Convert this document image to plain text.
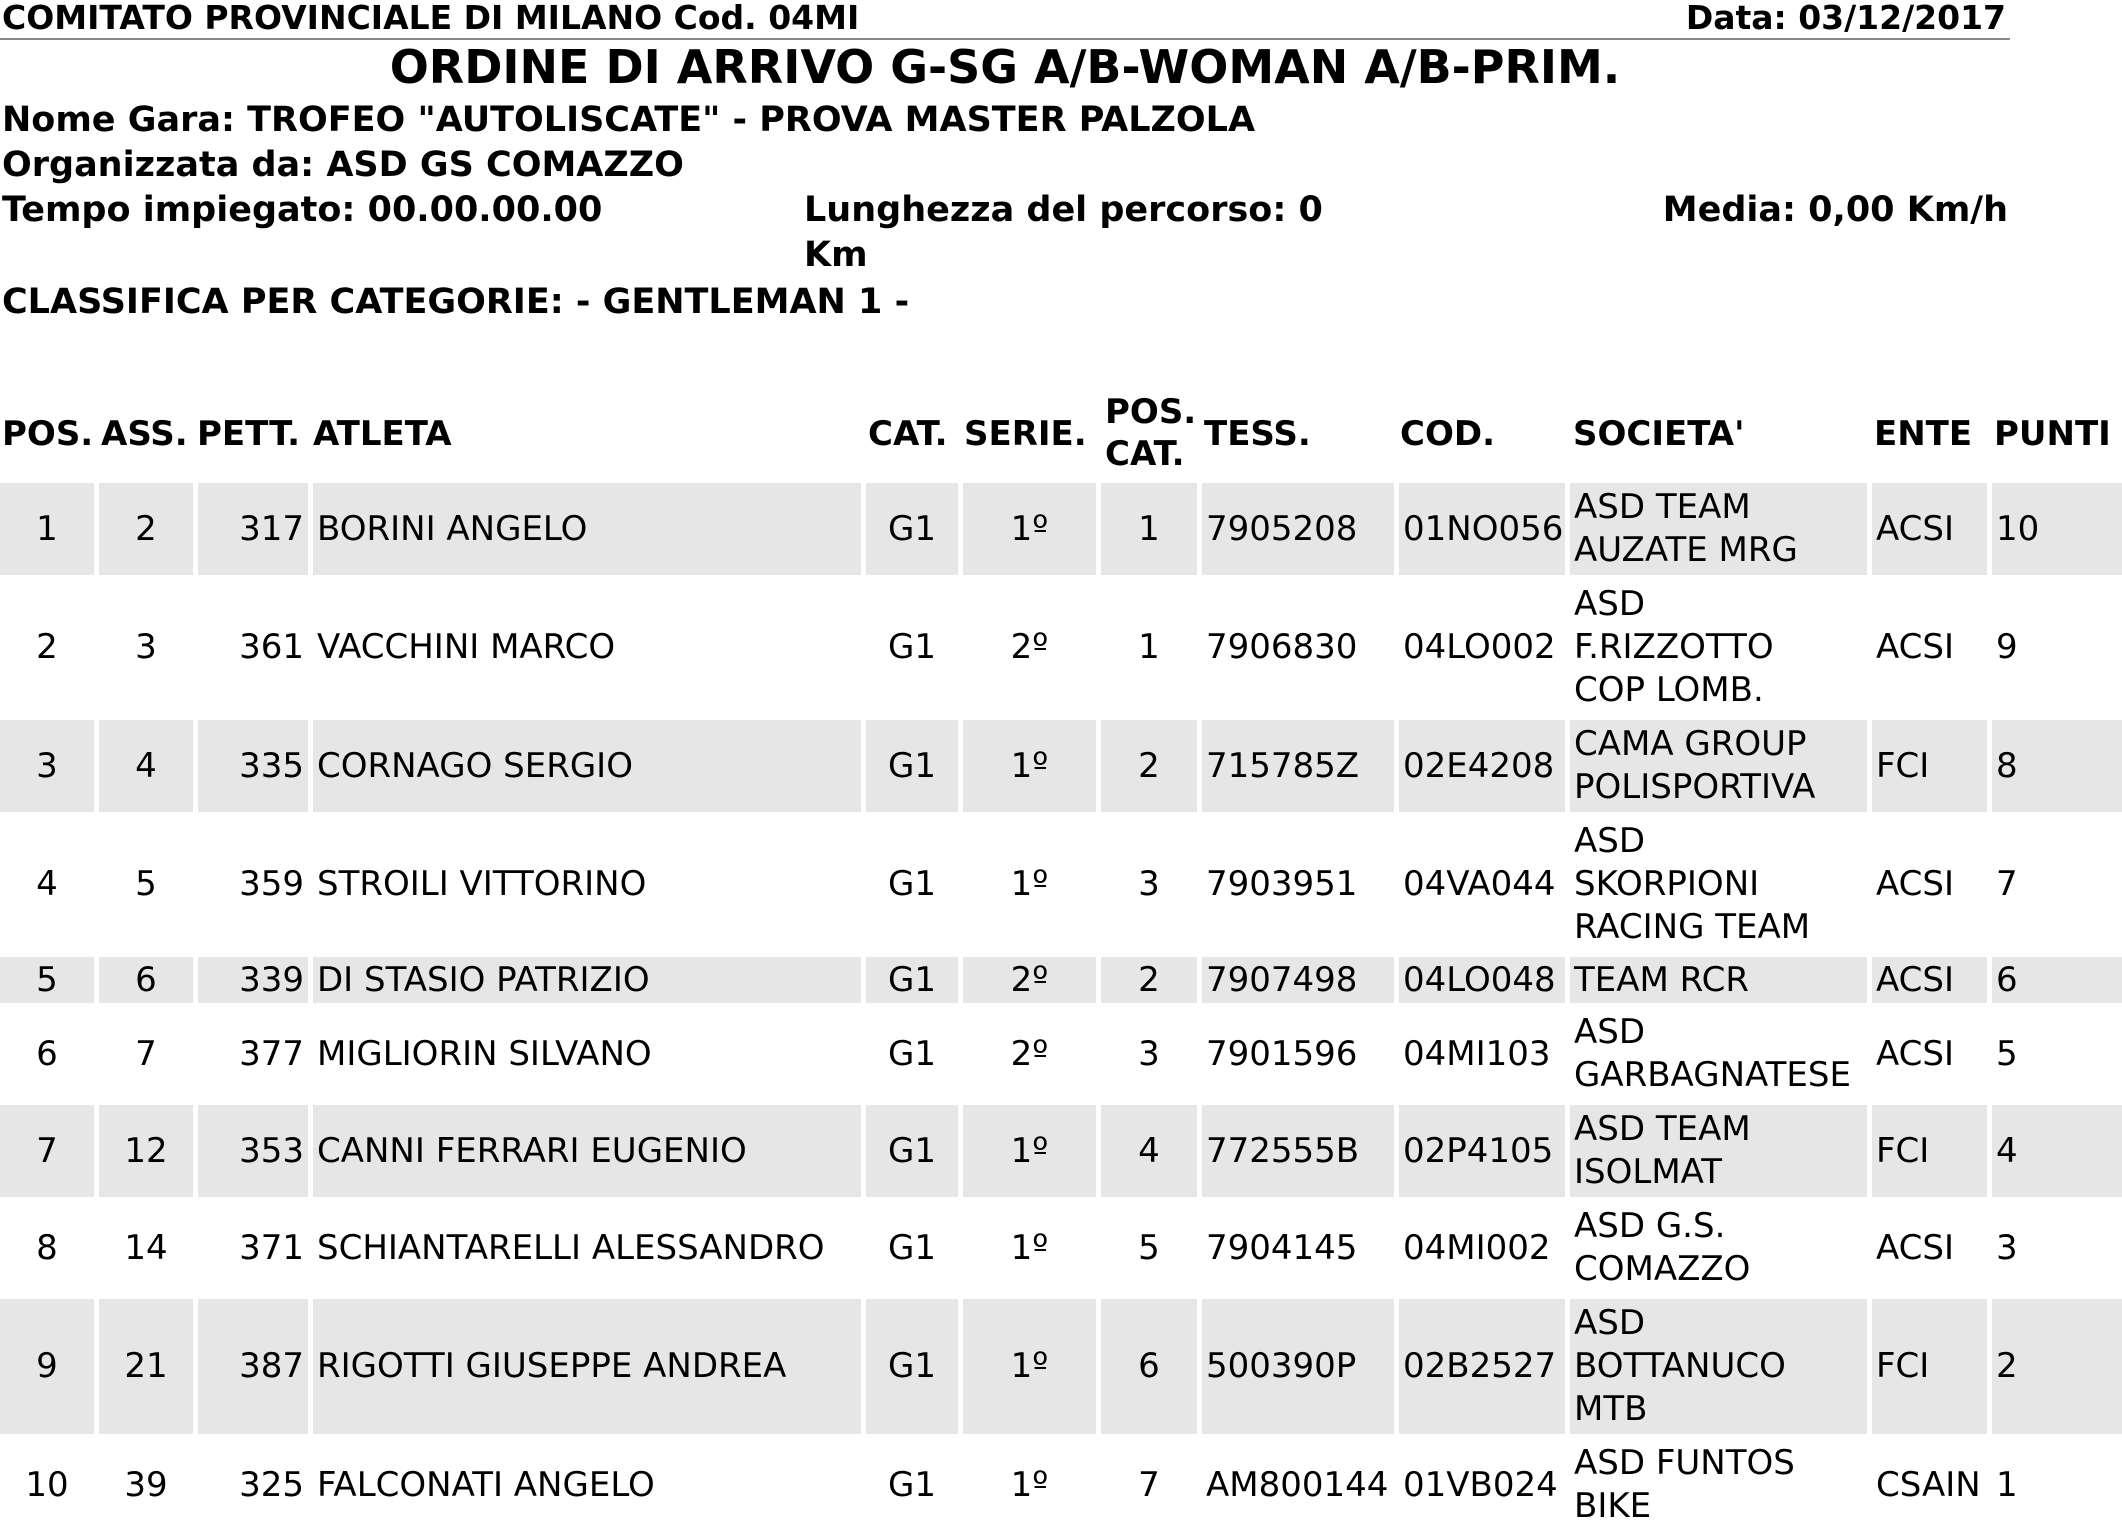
COMITATO PROVINCIALE DI MILANO Cod. 04MI	Data: 03/12/2017
ORDINE DI ARRIVO G-SG A/B-WOMAN A/B-PRIM.
Nome Gara: TROFEO "AUTOLISCATE" - PROVA MASTER PALZOLA
Organizzata da: ASD GS COMAZZO
Tempo impiegato: 00.00.00.00	Lunghezza del percorso: 0
Km
Media: 0,00 Km/h
CLASSIFICA PER CATEGORIE: - GENTLEMAN 1 -
POS. ASS. PETT. ATLETA	CAT. SERIE.
POS.
CAT. TESS.	COD. SOCIETA'	ENTE PUNTI
1	2	317 BORINI ANGELO	G1	1º	1	7905208	01NO056
ASD TEAM
AUZATE MRG
ACSI	10
2	3	361 VACCHINI MARCO	G1	2º	1	7906830	04LO002
ASD
F.RIZZOTTO
COP LOMB.
ACSI	9
3	4	335 CORNAGO SERGIO	G1	1º	2	715785Z	02E4208
CAMA GROUP
POLISPORTIVA
FCI	8
4	5	359 STROILI VITTORINO	G1	1º	3	7903951	04VA044
ASD
SKORPIONI
RACING TEAM
ACSI	7
5	6	339 DI STASIO PATRIZIO	G1	2º	2	7907498	04LO048 TEAM RCR	ACSI	6
6	7	377 MIGLIORIN SILVANO	G1	2º	3	7901596	04MI103
ASD
GARBAGNATESE
ACSI	5
7	12	353 CANNI FERRARI EUGENIO	G1	1º	4	772555B	02P4105
ASD TEAM
ISOLMAT
FCI	4
8	14	371 SCHIANTARELLI ALESSANDRO	G1	1º	5	7904145	04MI002
ASD G.S.
COMAZZO
ACSI	3
9	21	387 RIGOTTI GIUSEPPE ANDREA	G1	1º	6	500390P	02B2527
ASD
BOTTANUCO
MTB
FCI	2
10	39	325 FALCONATI ANGELO	G1	1º	7	AM800144 01VB024
ASD FUNTOS
BIKE
CSAIN 1
